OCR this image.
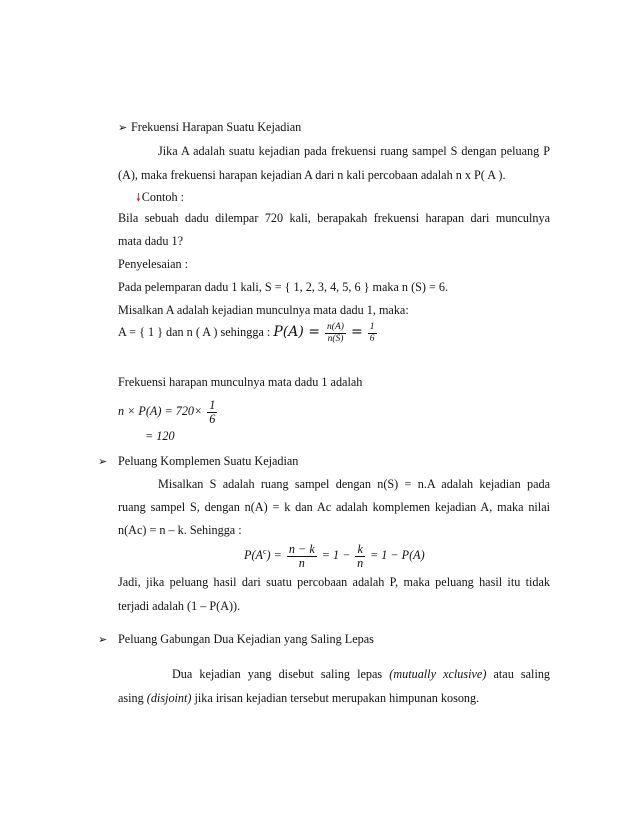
➢ Frekuensi Harapan Suatu Kejadian
Jika A adalah suatu kejadian pada frekuensi ruang sampel S dengan peluang P
(A), maka frekuensi harapan kejadian A dari n kali percobaan adalah n x P( A ).
🠗Contoh :
Bila sebuah dadu dilempar 720 kali, berapakah frekuensi harapan dari munculnya
mata dadu 1?
Penyelesaian :
Pada pelemparan dadu 1 kali, S = { 1, 2, 3, 4, 5, 6 } maka n (S) = 6.
Misalkan A adalah kejadian munculnya mata dadu 1, maka:
A = { 1 } dan n ( A ) sehingga : $P(A) = \frac{n(A)}{n(S)} = \frac{1}{6}$
Frekuensi harapan munculnya mata dadu 1 adalah
$n \times P(A) = 720\times \frac{1}{6}$
= 120
➢ Peluang Komplemen Suatu Kejadian
Misalkan S adalah ruang sampel dengan n(S) = n.A adalah kejadian pada
ruang sampel S, dengan n(A) = k dan Ac adalah komplemen kejadian A, maka nilai
n(Ac) = n – k. Sehingga :
$P(A^c) = \frac{n - k}{n} = 1 - \frac{k}{n} = 1 - P(A)$
Jadi, jika peluang hasil dari suatu percobaan adalah P, maka peluang hasil itu tidak
terjadi adalah (1 – P(A)).
➢ Peluang Gabungan Dua Kejadian yang Saling Lepas
Dua kejadian yang disebut saling lepas (mutually xclusive) atau saling
asing (disjoint) jika irisan kejadian tersebut merupakan himpunan kosong.
